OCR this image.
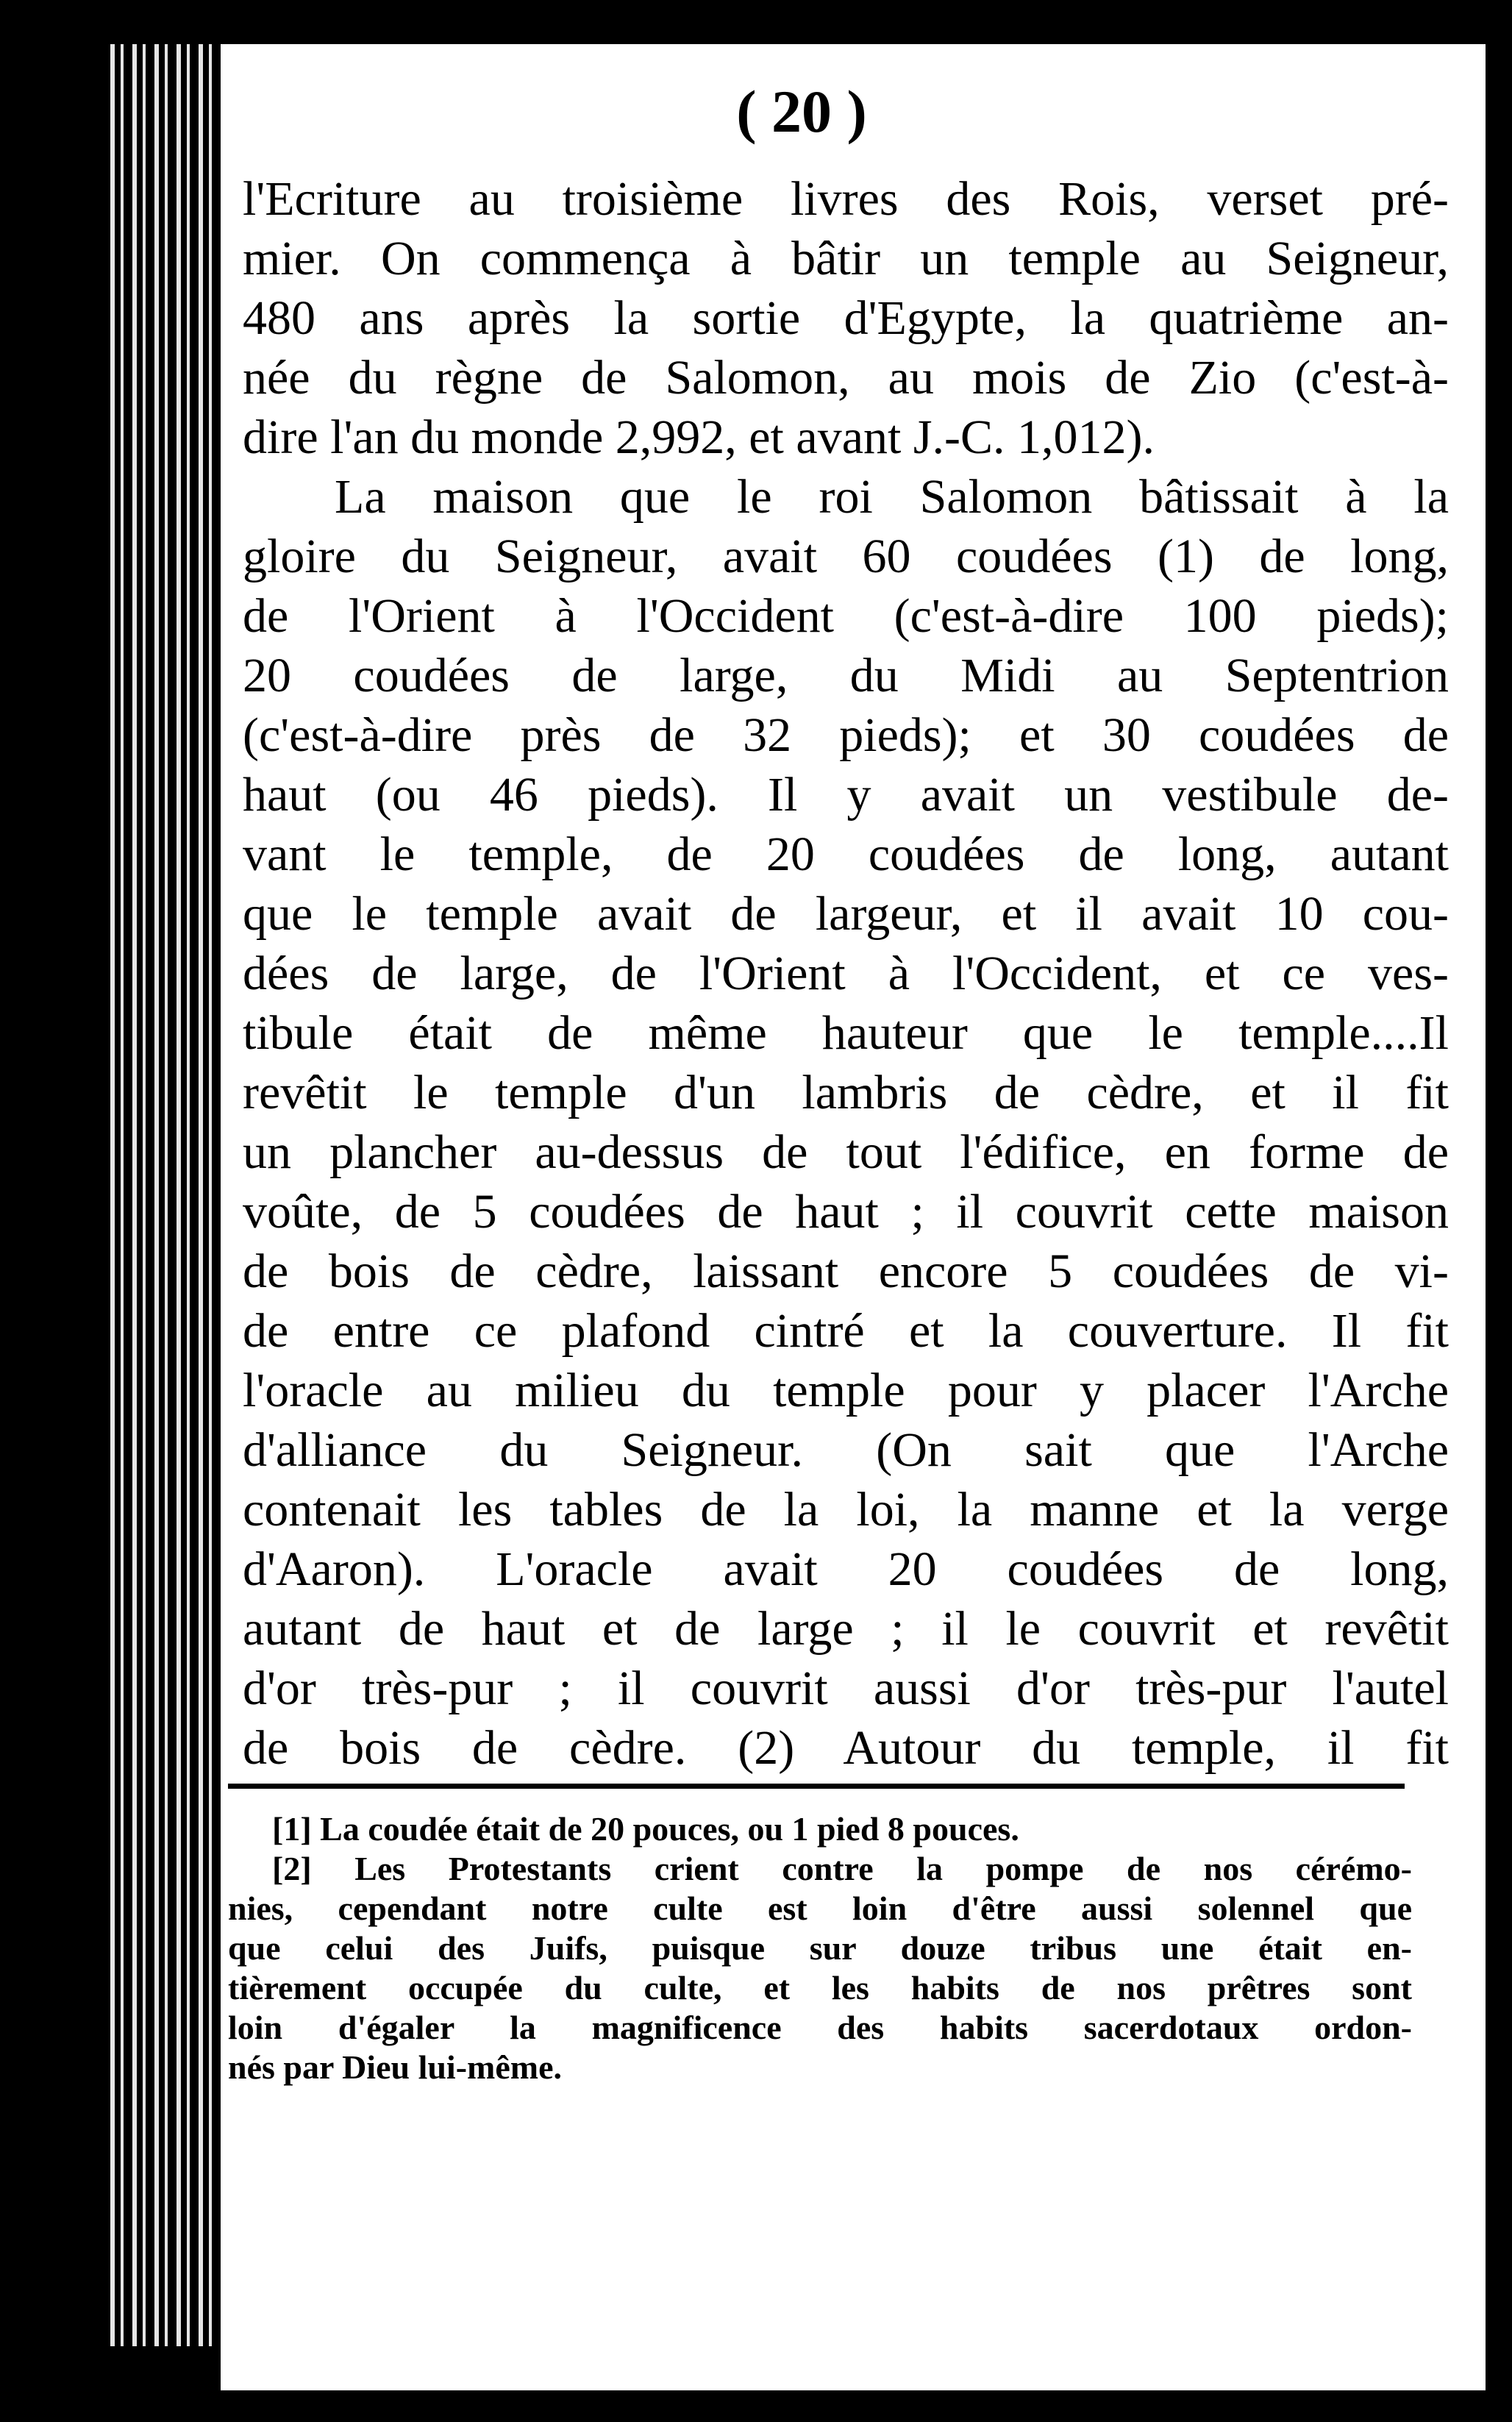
( 20 )
l'Ecriture au troisième livres des Rois, verset pré-
mier. On commença à bâtir un temple au Seigneur,
480 ans après la sortie d'Egypte, la quatrième an-
née du règne de Salomon, au mois de Zio (c'est-à-
dire l'an du monde 2,992, et avant J.-C. 1,012).
La maison que le roi Salomon bâtissait à la
gloire du Seigneur, avait 60 coudées (1) de long,
de l'Orient à l'Occident (c'est-à-dire 100 pieds);
20 coudées de large, du Midi au Septentrion
(c'est-à-dire près de 32 pieds); et 30 coudées de
haut (ou 46 pieds). Il y avait un vestibule de-
vant le temple, de 20 coudées de long, autant
que le temple avait de largeur, et il avait 10 cou-
dées de large, de l'Orient à l'Occident, et ce ves-
tibule était de même hauteur que le temple....Il
revêtit le temple d'un lambris de cèdre, et il fit
un plancher au-dessus de tout l'édifice, en forme de
voûte, de 5 coudées de haut ; il couvrit cette maison
de bois de cèdre, laissant encore 5 coudées de vi-
de entre ce plafond cintré et la couverture. Il fit
l'oracle au milieu du temple pour y placer l'Arche
d'alliance du Seigneur. (On sait que l'Arche
contenait les tables de la loi, la manne et la verge
d'Aaron). L'oracle avait 20 coudées de long,
autant de haut et de large ; il le couvrit et revêtit
d'or très-pur ; il couvrit aussi d'or très-pur l'autel
de bois de cèdre. (2) Autour du temple, il fit
[1] La coudée était de 20 pouces, ou 1 pied 8 pouces.
[2] Les Protestants crient contre la pompe de nos cérémo-
nies, cependant notre culte est loin d'être aussi solennel que
que celui des Juifs, puisque sur douze tribus une était en-
tièrement occupée du culte, et les habits de nos prêtres sont
loin d'égaler la magnificence des habits sacerdotaux ordon-
nés par Dieu lui-même.
